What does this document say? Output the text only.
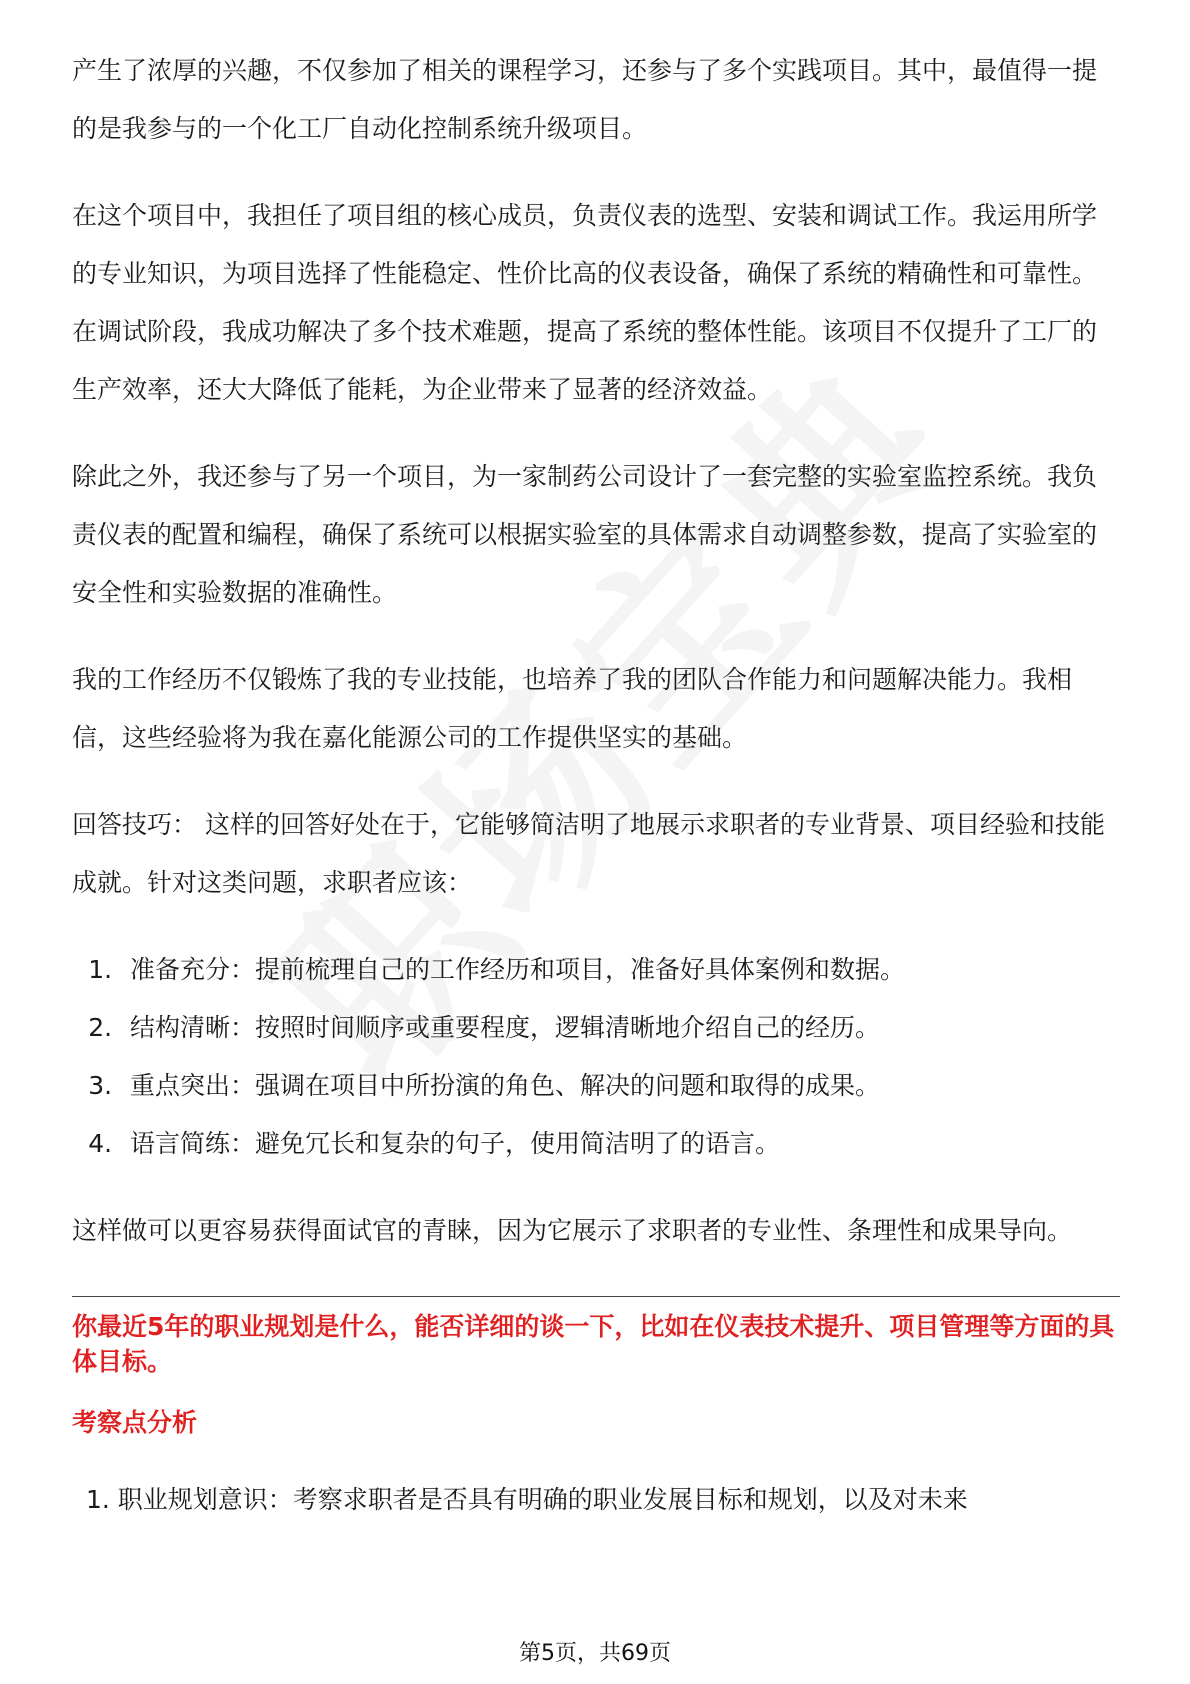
产生了浓厚的兴趣，不仅参加了相关的课程学习，还参与了多个实践项目。其中，最值得一提的是我参与的一个化工厂自动化控制系统升级项目。

在这个项目中，我担任了项目组的核心成员，负责仪表的选型、安装和调试工作。我运用所学的专业知识，为项目选择了性能稳定、性价比高的仪表设备，确保了系统的精确性和可靠性。在调试阶段，我成功解决了多个技术难题，提高了系统的整体性能。该项目不仅提升了工厂的生产效率，还大大降低了能耗，为企业带来了显著的经济效益。

除此之外，我还参与了另一个项目，为一家制药公司设计了一套完整的实验室监控系统。我负责仪表的配置和编程，确保了系统可以根据实验室的具体需求自动调整参数，提高了实验室的安全性和实验数据的准确性。

我的工作经历不仅锻炼了我的专业技能，也培养了我的团队合作能力和问题解决能力。我相信，这些经验将为我在嘉化能源公司的工作提供坚实的基础。

回答技巧： 这样的回答好处在于，它能够简洁明了地展示求职者的专业背景、项目经验和技能成就。针对这类问题，求职者应该：

1. 准备充分：提前梳理自己的工作经历和项目，准备好具体案例和数据。
2. 结构清晰：按照时间顺序或重要程度，逻辑清晰地介绍自己的经历。
3. 重点突出：强调在项目中所扮演的角色、解决的问题和取得的成果。
4. 语言简练：避免冗长和复杂的句子，使用简洁明了的语言。

这样做可以更容易获得面试官的青睐，因为它展示了求职者的专业性、条理性和成果导向。

你最近5年的职业规划是什么，能否详细的谈一下，比如在仪表技术提升、项目管理等方面的具体目标。
考察点分析
1. 职业规划意识：考察求职者是否具有明确的职业发展目标和规划，以及对未来
第5页，共69页
